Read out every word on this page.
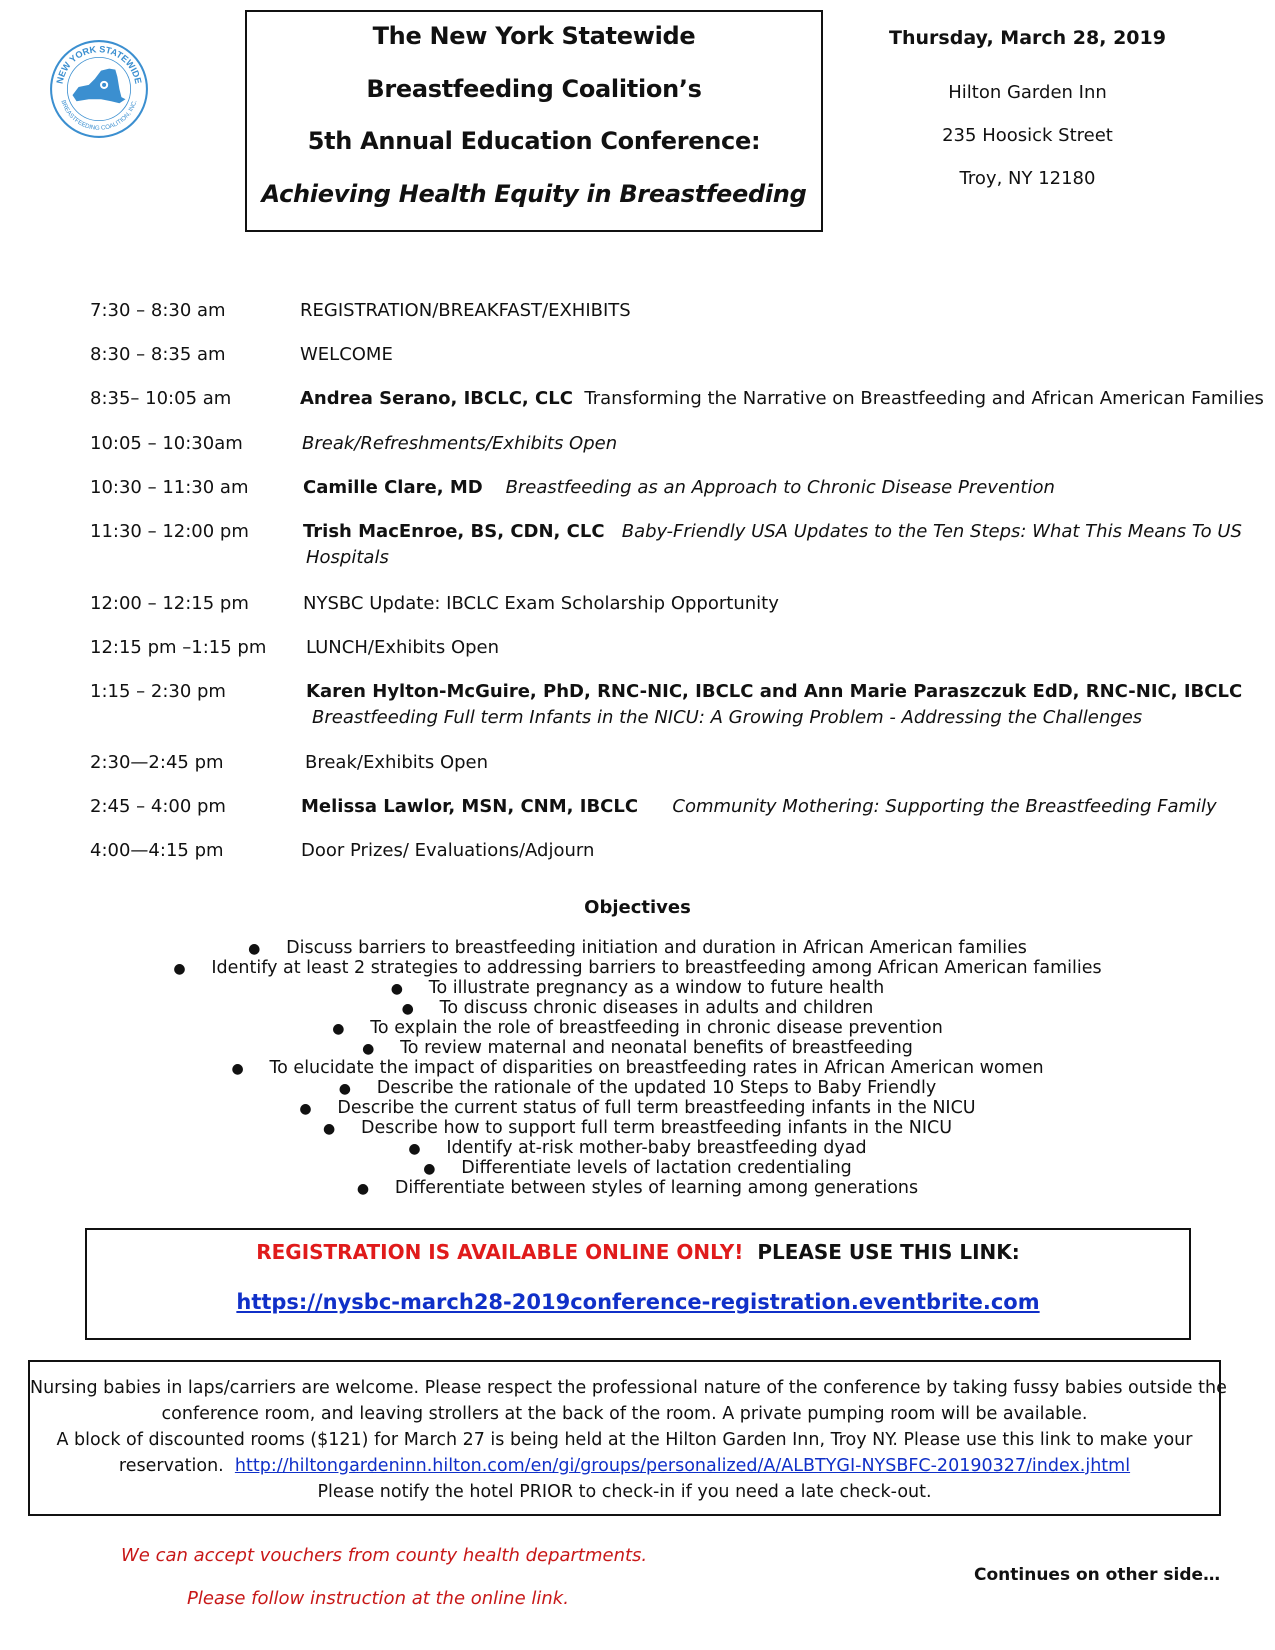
NEW YORK STATEWIDE
BREASTFEEDING COALITION, INC.
The New York Statewide
Breastfeeding Coalition’s
5th Annual Education Conference:
Achieving Health Equity in Breastfeeding
Thursday, March 28, 2019
Hilton Garden Inn
235 Hoosick Street
Troy, NY 12180
7:30 – 8:30 am	REGISTRATION/BREAKFAST/EXHIBITS
8:30 – 8:35 am	WELCOME
8:35– 10:05 am	Andrea Serano, IBCLC, CLC Transforming the Narrative on Breastfeeding and African American Families
10:05 – 10:30am	Break/Refreshments/Exhibits Open
10:30 – 11:30 am	Camille Clare, MD Breastfeeding as an Approach to Chronic Disease Prevention
11:30 – 12:00 pm	Trish MacEnroe, BS, CDN, CLC Baby-Friendly USA Updates to the Ten Steps: What This Means To US
Hospitals
12:00 – 12:15 pm	NYSBC Update: IBCLC Exam Scholarship Opportunity
12:15 pm –1:15 pm LUNCH/Exhibits Open
1:15 – 2:30 pm	Karen Hylton-McGuire, PhD, RNC-NIC, IBCLC and Ann Marie Paraszczuk EdD, RNC-NIC, IBCLC
Breastfeeding Full term Infants in the NICU: A Growing Problem - Addressing the Challenges
2:30—2:45 pm	Break/Exhibits Open
2:45 – 4:00 pm	Melissa Lawlor, MSN, CNM, IBCLC Community Mothering: Supporting the Breastfeeding Family
4:00—4:15 pm	Door Prizes/ Evaluations/Adjourn
Objectives
● Discuss barriers to breastfeeding initiation and duration in African American families
● Identify at least 2 strategies to addressing barriers to breastfeeding among African American families
● To illustrate pregnancy as a window to future health
● To discuss chronic diseases in adults and children
● To explain the role of breastfeeding in chronic disease prevention
● To review maternal and neonatal benefits of breastfeeding
● To elucidate the impact of disparities on breastfeeding rates in African American women
● Describe the rationale of the updated 10 Steps to Baby Friendly
● Describe the current status of full term breastfeeding infants in the NICU
● Describe how to support full term breastfeeding infants in the NICU
● Identify at-risk mother-baby breastfeeding dyad
● Differentiate levels of lactation credentialing
● Differentiate between styles of learning among generations
REGISTRATION IS AVAILABLE ONLINE ONLY! PLEASE USE THIS LINK:
https://nysbc-march28-2019conference-registration.eventbrite.com
Nursing babies in laps/carriers are welcome. Please respect the professional nature of the conference by taking fussy babies outside the
conference room, and leaving strollers at the back of the room. A private pumping room will be available.
A block of discounted rooms ($121) for March 27 is being held at the Hilton Garden Inn, Troy NY. Please use this link to make your
reservation. http://hiltongardeninn.hilton.com/en/gi/groups/personalized/A/ALBTYGI-NYSBFC-20190327/index.jhtml
Please notify the hotel PRIOR to check-in if you need a late check-out.
We can accept vouchers from county health departments.
Please follow instruction at the online link.
Continues on other side…
